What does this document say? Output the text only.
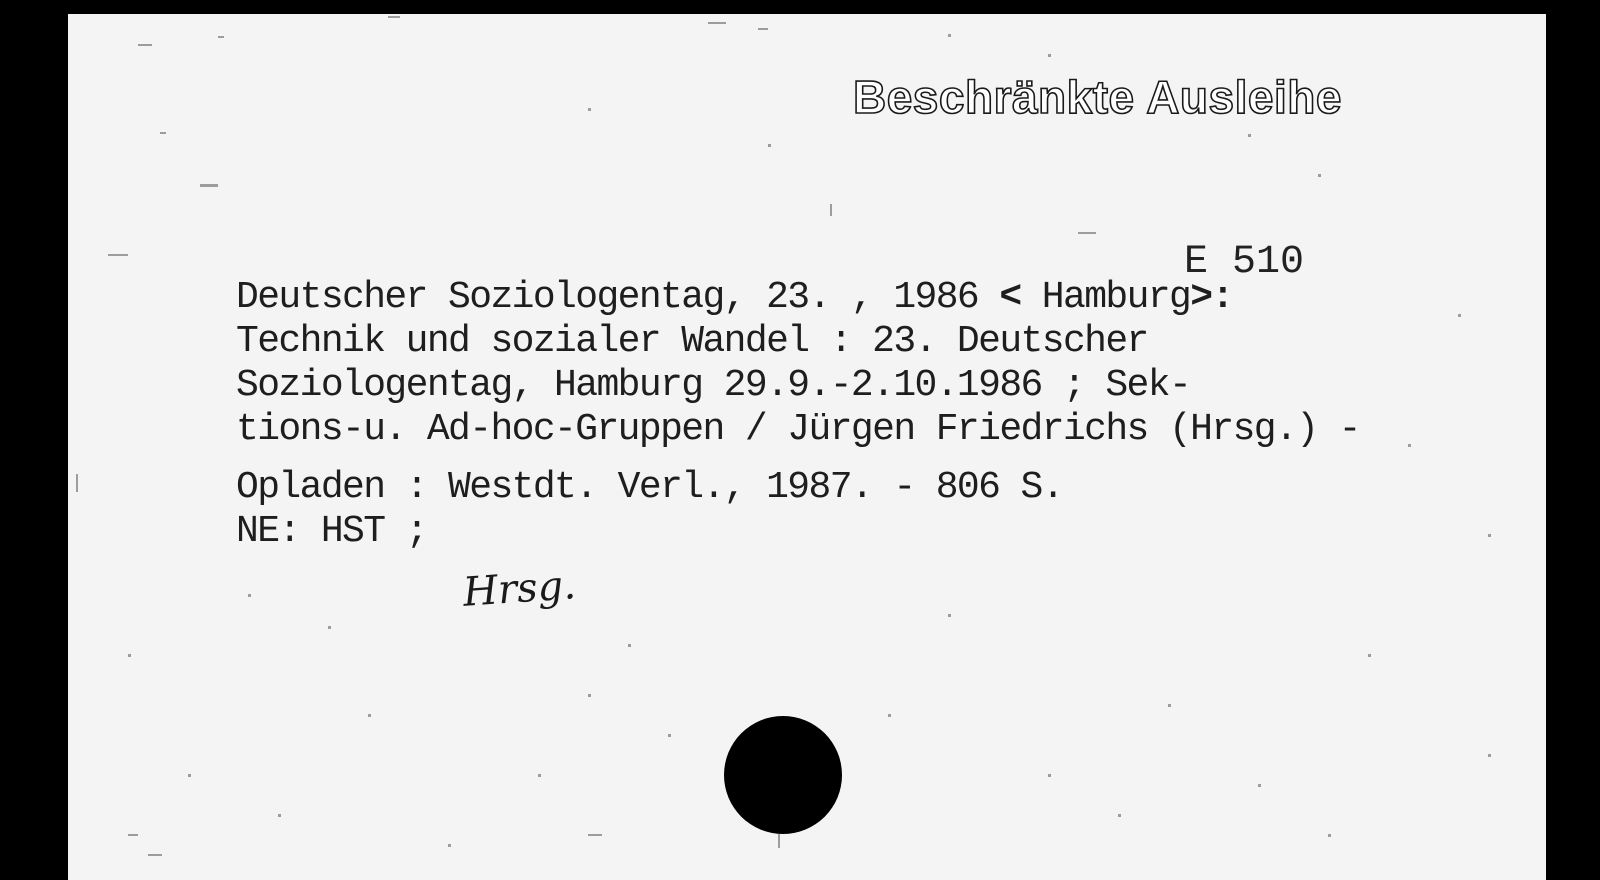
Beschränkte Ausleihe
E 510
Deutscher Soziologentag, 23. , 1986 < Hamburg>:
Technik und sozialer Wandel : 23. Deutscher
Soziologentag, Hamburg 29.9.-2.10.1986 ; Sek-
tions-u. Ad-hoc-Gruppen / Jürgen Friedrichs (Hrsg.) -
Opladen : Westdt. Verl., 1987. - 806 S.
NE: HST ;
Hrsg.
